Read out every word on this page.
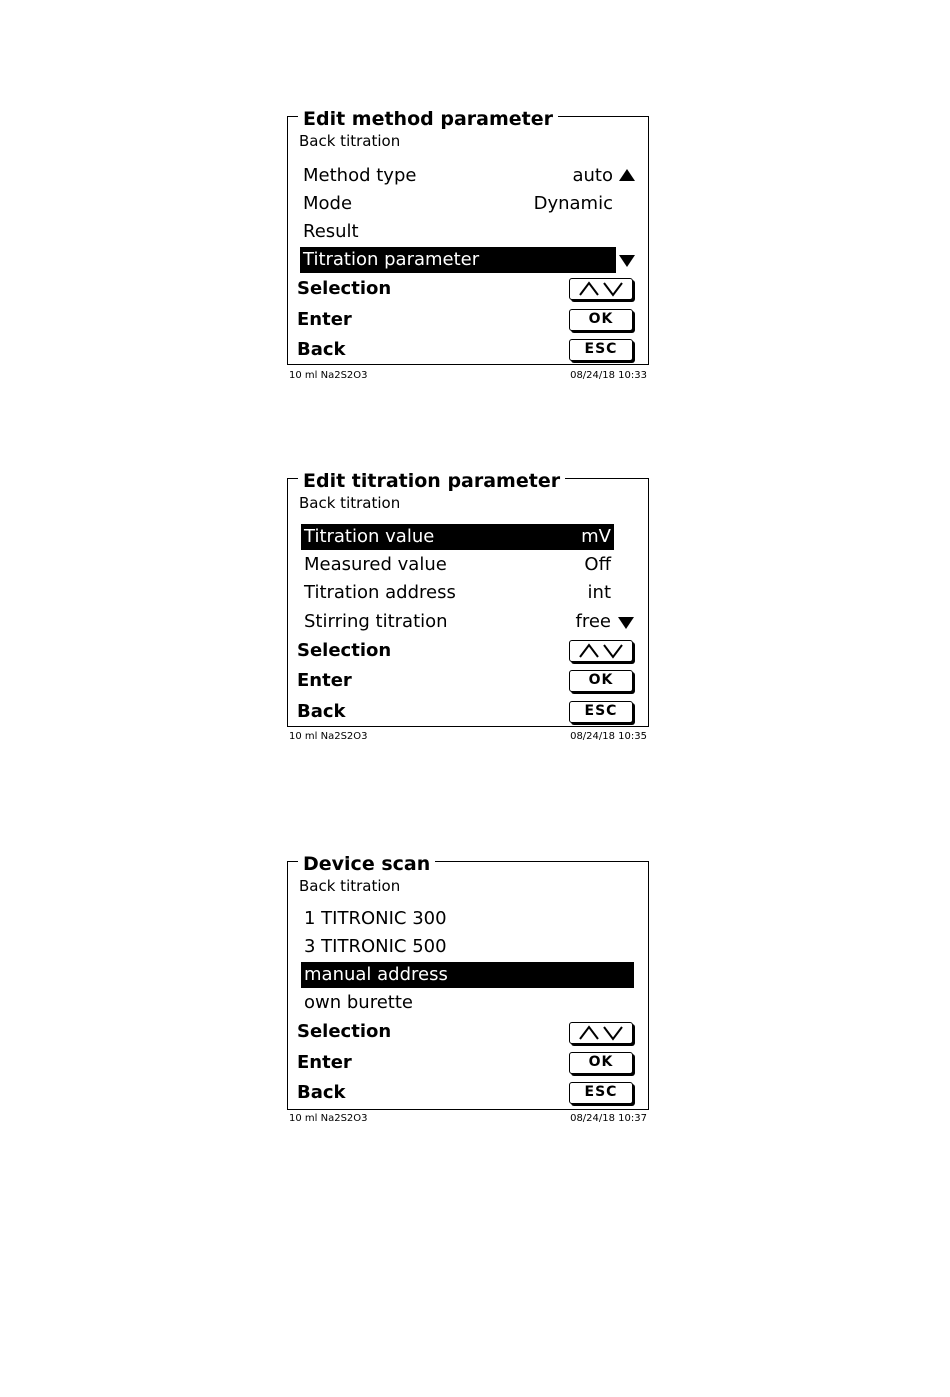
Edit method parameter
Back titration
Method type	auto
Mode	Dynamic
Result
Titration parameter
Selection
Enter	OK
Back	ESC
10 ml Na2S2O3	08/24/18 10:33
Edit titration parameter
Back titration
Titration value	mV
Measured value	Off
Titration address	int
Stirring titration	free
Selection
Enter	OK
Back	ESC
10 ml Na2S2O3	08/24/18 10:35
Device scan
Back titration
1 TITRONIC 300
3 TITRONIC 500
manual address
own burette
Selection
Enter	OK
Back	ESC
10 ml Na2S2O3	08/24/18 10:37
